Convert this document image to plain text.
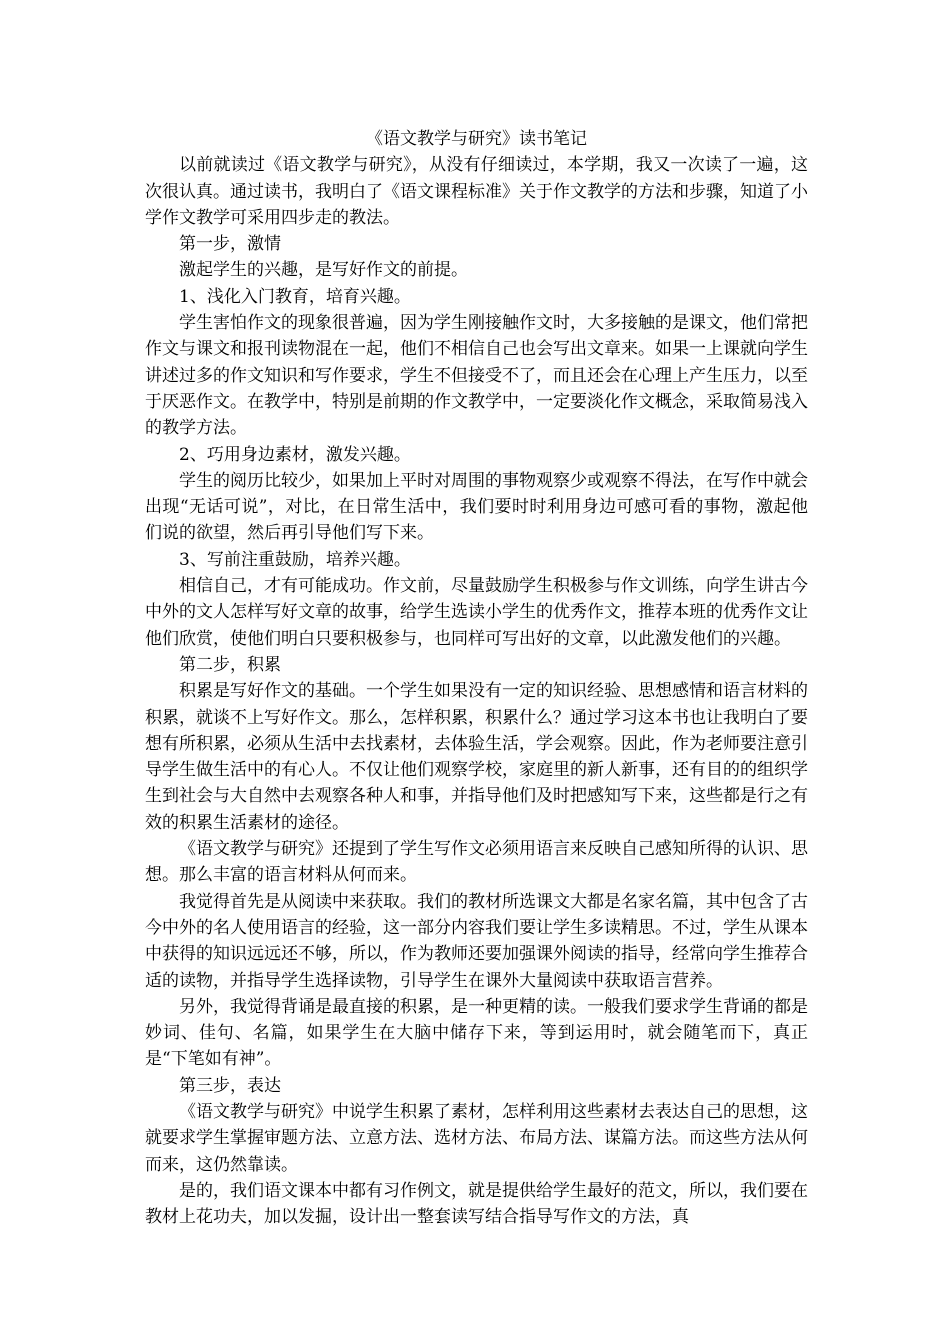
《语文教学与研究》读书笔记

以前就读过《语文教学与研究》，从没有仔细读过，本学期，我又一次读了一遍，这次很认真。通过读书，我明白了《语文课程标准》关于作文教学的方法和步骤，知道了小学作文教学可采用四步走的教法。

第一步，激情

激起学生的兴趣，是写好作文的前提。

1、浅化入门教育，培育兴趣。

学生害怕作文的现象很普遍，因为学生刚接触作文时，大多接触的是课文，他们常把作文与课文和报刊读物混在一起，他们不相信自己也会写出文章来。如果一上课就向学生讲述过多的作文知识和写作要求，学生不但接受不了，而且还会在心理上产生压力，以至于厌恶作文。在教学中，特别是前期的作文教学中，一定要淡化作文概念，采取简易浅入的教学方法。

2、巧用身边素材，激发兴趣。

学生的阅历比较少，如果加上平时对周围的事物观察少或观察不得法，在写作中就会出现“无话可说”，对比，在日常生活中，我们要时时利用身边可感可看的事物，激起他们说的欲望，然后再引导他们写下来。

3、写前注重鼓励，培养兴趣。

相信自己，才有可能成功。作文前，尽量鼓励学生积极参与作文训练，向学生讲古今中外的文人怎样写好文章的故事，给学生选读小学生的优秀作文，推荐本班的优秀作文让他们欣赏，使他们明白只要积极参与，也同样可写出好的文章，以此激发他们的兴趣。

第二步，积累

积累是写好作文的基础。一个学生如果没有一定的知识经验、思想感情和语言材料的积累，就谈不上写好作文。那么，怎样积累，积累什么？通过学习这本书也让我明白了要想有所积累，必须从生活中去找素材，去体验生活，学会观察。因此，作为老师要注意引导学生做生活中的有心人。不仅让他们观察学校，家庭里的新人新事，还有目的的组织学生到社会与大自然中去观察各种人和事，并指导他们及时把感知写下来，这些都是行之有效的积累生活素材的途径。

《语文教学与研究》还提到了学生写作文必须用语言来反映自己感知所得的认识、思想。那么丰富的语言材料从何而来。

我觉得首先是从阅读中来获取。我们的教材所选课文大都是名家名篇，其中包含了古今中外的名人使用语言的经验，这一部分内容我们要让学生多读精思。不过，学生从课本中获得的知识远远还不够，所以，作为教师还要加强课外阅读的指导，经常向学生推荐合适的读物，并指导学生选择读物，引导学生在课外大量阅读中获取语言营养。

另外，我觉得背诵是最直接的积累，是一种更精的读。一般我们要求学生背诵的都是妙词、佳句、名篇，如果学生在大脑中储存下来，等到运用时，就会随笔而下，真正是“下笔如有神”。

第三步，表达

《语文教学与研究》中说学生积累了素材，怎样利用这些素材去表达自己的思想，这就要求学生掌握审题方法、立意方法、选材方法、布局方法、谋篇方法。而这些方法从何而来，这仍然靠读。

是的，我们语文课本中都有习作例文，就是提供给学生最好的范文，所以，我们要在教材上花功夫，加以发掘，设计出一整套读写结合指导写作文的方法，真
